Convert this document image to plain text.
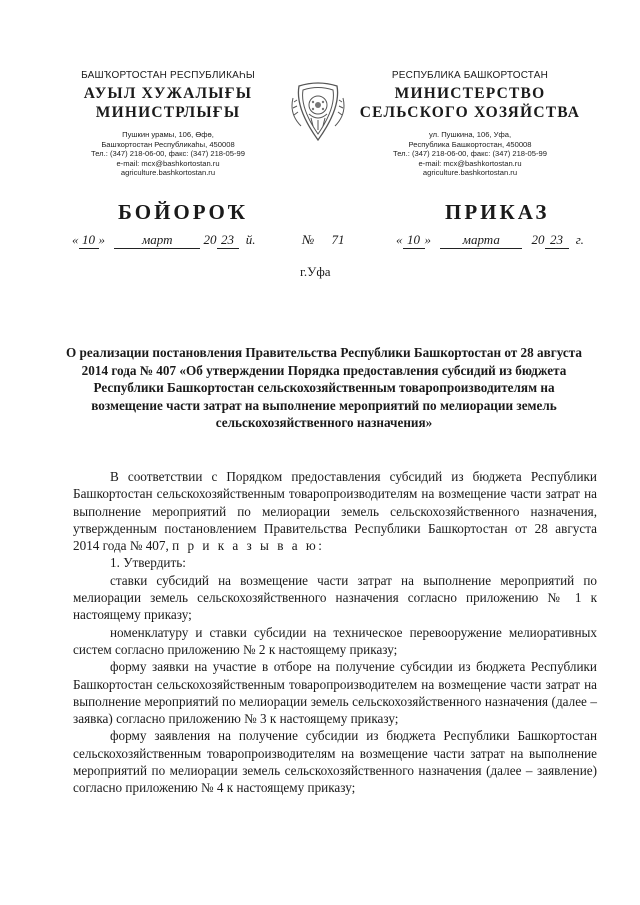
БАШҠОРТОСТАН РЕСПУБЛИКАҺЫ
АУЫЛ ХУЖАЛЫҒЫ
МИНИСТРЛЫҒЫ
Пушкин урамы, 106, Өфө,
Башҡортостан Республикаһы, 450008
Тел.: (347) 218-06-00, факс: (347) 218-05-99
e-mail: mcx@bashkortostan.ru
agriculture.bashkortostan.ru
РЕСПУБЛИКА БАШКОРТОСТАН
МИНИСТЕРСТВО
СЕЛЬСКОГО ХОЗЯЙСТВА
ул. Пушкина, 106, Уфа,
Республика Башкортостан, 450008
Тел.: (347) 218-06-00, факс: (347) 218-05-99
e-mail: mcx@bashkortostan.ru
agriculture.bashkortostan.ru
БОЙОРОҠ	ПРИКАЗ
« 10 »	март 20 23 й.	№ 71	« 10 » марта 20 23 г.
г.Уфа
О реализации постановления Правительства Республики Башкортостан от 28 августа 2014 года № 407 «Об утверждении Порядка предоставления субсидий из бюджета Республики Башкортостан сельскохозяйственным товаропроизводителям на возмещение части затрат на выполнение мероприятий по мелиорации земель сельскохозяйственного назначения»

В соответствии с Порядком предоставления субсидий из бюджета Республики Башкортостан сельскохозяйственным товаропроизводителям на возмещение части затрат на выполнение мероприятий по мелиорации земель сельскохозяйственного назначения, утвержденным постановлением Правительства Республики Башкортостан от 28 августа 2014 года № 407, п р и к а з ы в а ю:

1. Утвердить:

ставки субсидий на возмещение части затрат на выполнение мероприятий по мелиорации земель сельскохозяйственного назначения согласно приложению № 1 к настоящему приказу;

номенклатуру и ставки субсидии на техническое перевооружение мелиоративных систем согласно приложению № 2 к настоящему приказу;

форму заявки на участие в отборе на получение субсидии из бюджета Республики Башкортостан сельскохозяйственным товаропроизводителем на возмещение части затрат на выполнение мероприятий по мелиорации земель сельскохозяйственного назначения (далее – заявка) согласно приложению № 3 к настоящему приказу;

форму заявления на получение субсидии из бюджета Республики Башкортостан сельскохозяйственным товаропроизводителям на возмещение части затрат на выполнение мероприятий по мелиорации земель сельскохозяйственного назначения (далее – заявление) согласно приложению № 4 к настоящему приказу;
